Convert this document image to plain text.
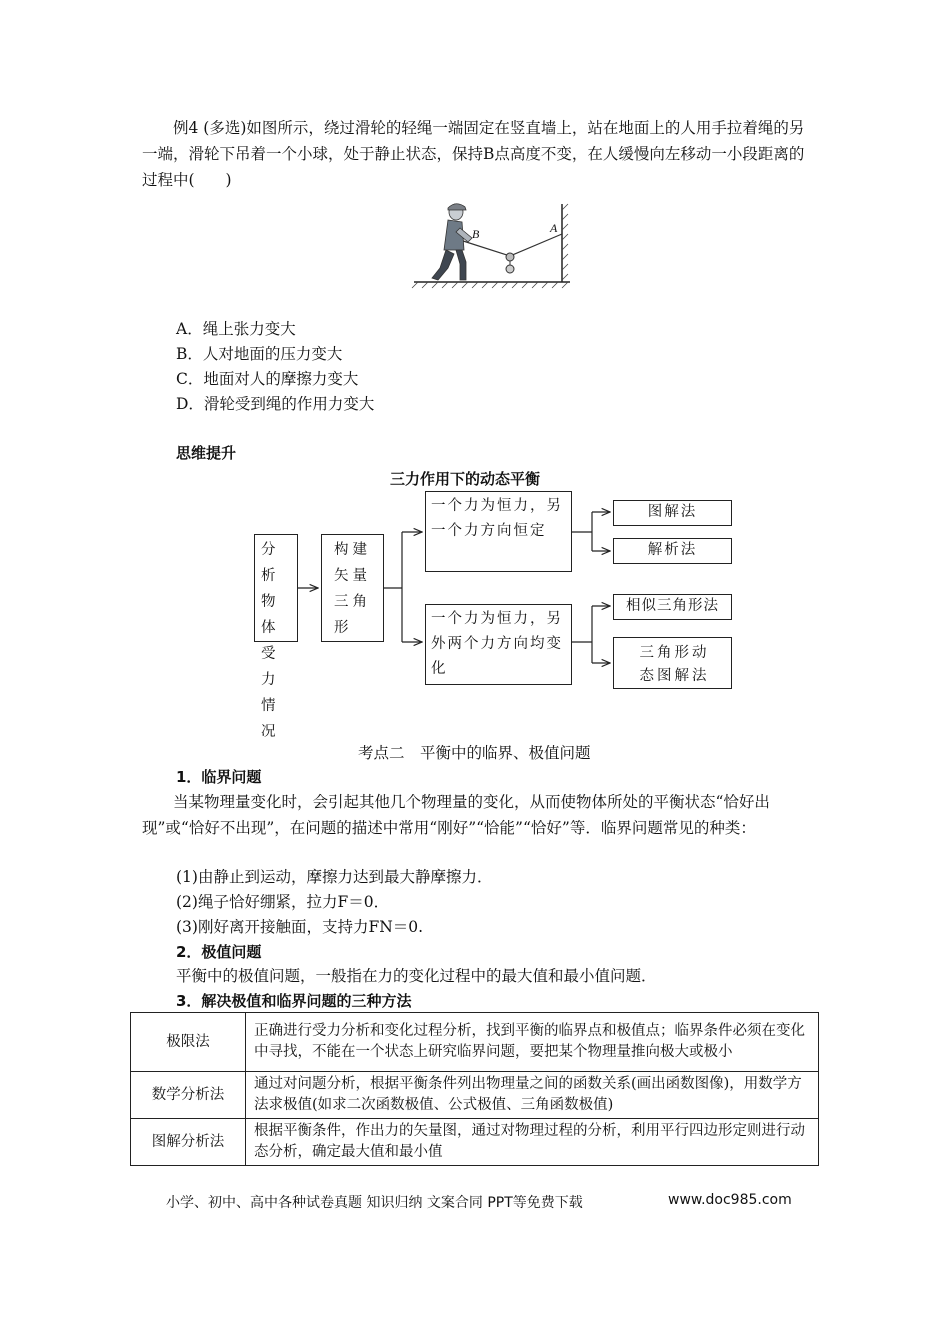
例4 (多选)如图所示，绕过滑轮的轻绳一端固定在竖直墙上，站在地面上的人用手拉着绳的另一端，滑轮下吊着一个小球，处于静止状态，保持B点高度不变，在人缓慢向左移动一小段距离的过程中(　　)
B	A
A．绳上张力变大
B．人对地面的压力变大
C．地面对人的摩擦力变大
D．滑轮受到绳的作用力变大
思维提升
三力作用下的动态平衡
分析物体受力情况
构建矢量三角形
一个力为恒力，另一个力方向恒定
一个力为恒力，另外两个力方向均变化
图解法
解析法
相似三角形法
三角形动态图解法
考点二　平衡中的临界、极值问题
1．临界问题
当某物理量变化时，会引起其他几个物理量的变化，从而使物体所处的平衡状态“恰好出现”或“恰好不出现”，在问题的描述中常用“刚好”“恰能”“恰好”等．临界问题常见的种类：
(1)由静止到运动，摩擦力达到最大静摩擦力．
(2)绳子恰好绷紧，拉力F＝0．
(3)刚好离开接触面，支持力FN＝0.
2．极值问题
平衡中的极值问题，一般指在力的变化过程中的最大值和最小值问题．
3．解决极值和临界问题的三种方法
极限法	正确进行受力分析和变化过程分析，找到平衡的临界点和极值点；临界条件必须在变化中寻找，不能在一个状态上研究临界问题，要把某个物理量推向极大或极小
数学分析法	通过对问题分析，根据平衡条件列出物理量之间的函数关系(画出函数图像)，用数学方法求极值(如求二次函数极值、公式极值、三角函数极值)
图解分析法	根据平衡条件，作出力的矢量图，通过对物理过程的分析，利用平行四边形定则进行动态分析，确定最大值和最小值
小学、初中、高中各种试卷真题 知识归纳 文案合同 PPT等免费下载	www.doc985.com
